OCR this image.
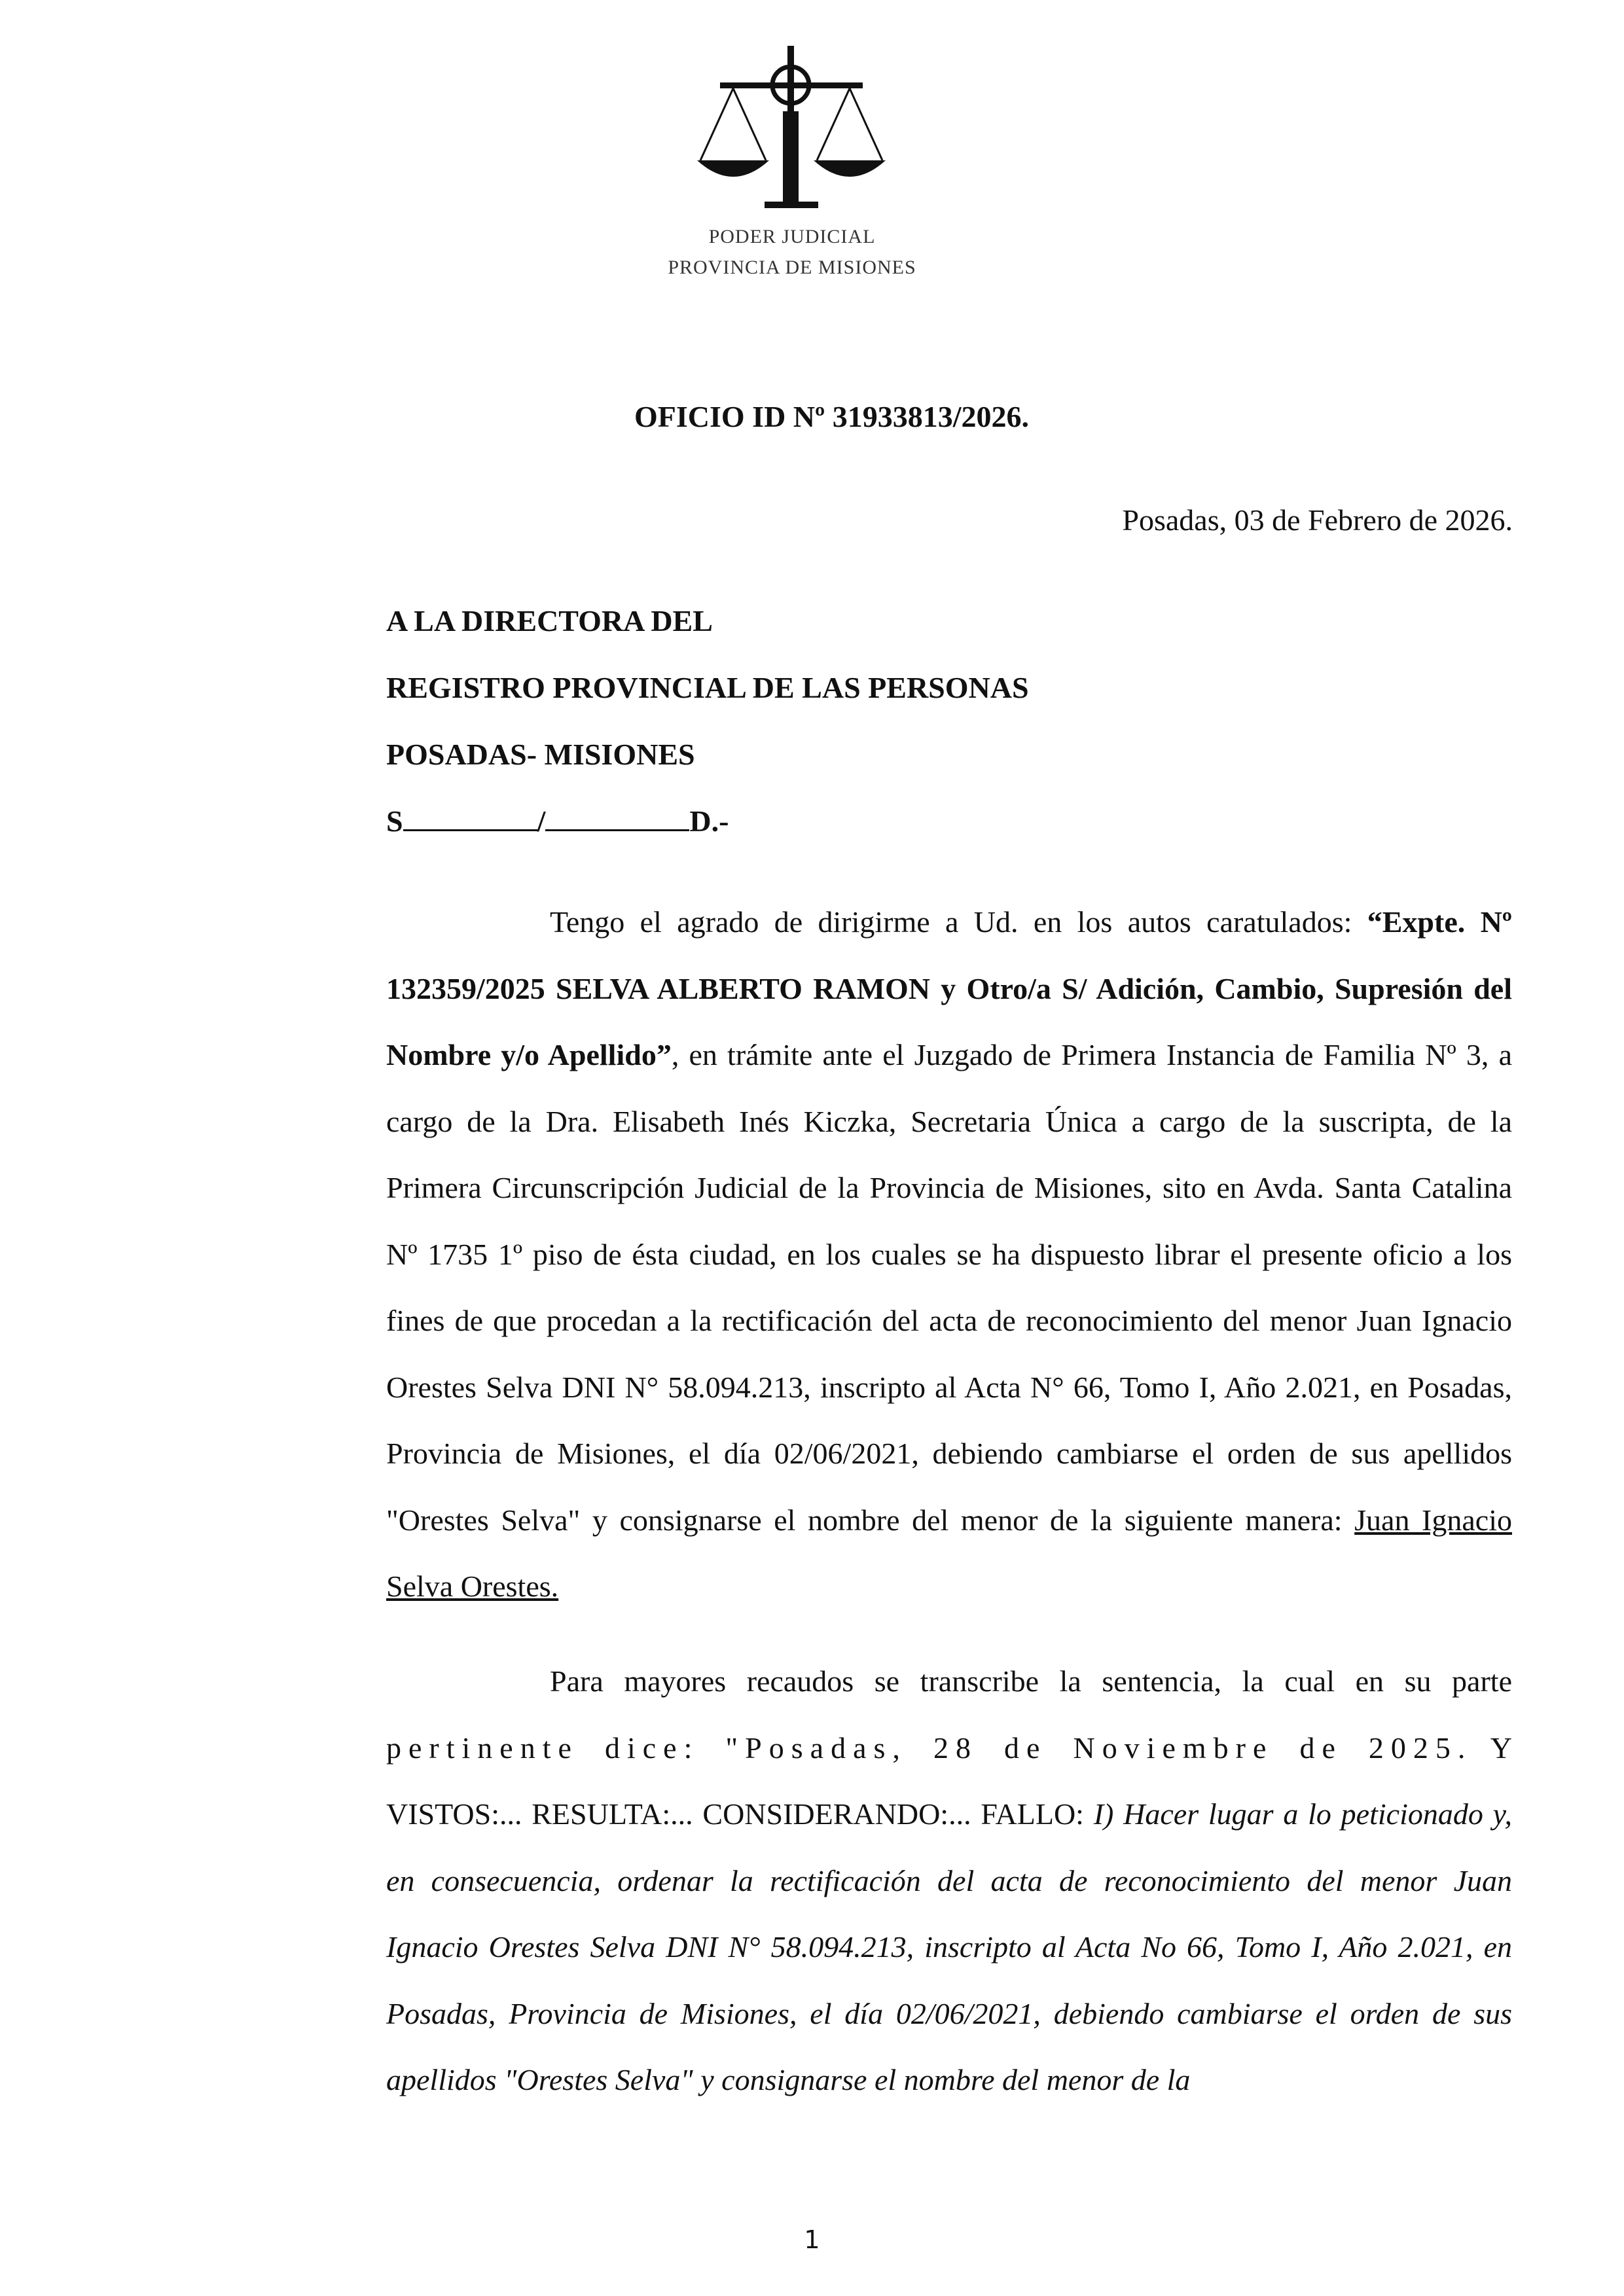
PODER JUDICIAL
PROVINCIA DE MISIONES
OFICIO ID Nº 31933813/2026.
Posadas, 03 de Febrero de 2026.
A LA DIRECTORA DEL
REGISTRO PROVINCIAL DE LAS PERSONAS
POSADAS- MISIONES
S	/	D.-
Tengo el agrado de dirigirme a Ud. en los autos caratulados: “Expte. Nº 132359/2025 SELVA ALBERTO RAMON y Otro/a S/ Adición, Cambio, Supresión del Nombre y/o Apellido”, en trámite ante el Juzgado de Primera Instancia de Familia Nº 3, a cargo de la Dra. Elisabeth Inés Kiczka, Secretaria Única a cargo de la suscripta, de la Primera Circunscripción Judicial de la Provincia de Misiones, sito en Avda. Santa Catalina Nº 1735 1º piso de ésta ciudad, en los cuales se ha dispuesto librar el presente oficio a los fines de que procedan a la rectificación del acta de reconocimiento del menor Juan Ignacio Orestes Selva DNI N° 58.094.213, inscripto al Acta N° 66, Tomo I, Año 2.021, en Posadas, Provincia de Misiones, el día 02/06/2021, debiendo cambiarse el orden de sus apellidos "Orestes Selva" y consignarse el nombre del menor de la siguiente manera: Juan Ignacio Selva Orestes.
Para mayores recaudos se transcribe la sentencia, la cual en su parte pertinente dice: "Posadas, 28 de Noviembre de 2025. Y VISTOS:... RESULTA:... CONSIDERANDO:... FALLO: I) Hacer lugar a lo peticionado y, en consecuencia, ordenar la rectificación del acta de reconocimiento del menor Juan Ignacio Orestes Selva DNI N° 58.094.213, inscripto al Acta No 66, Tomo I, Año 2.021, en Posadas, Provincia de Misiones, el día 02/06/2021, debiendo cambiarse el orden de sus apellidos "Orestes Selva" y consignarse el nombre del menor de la
1
